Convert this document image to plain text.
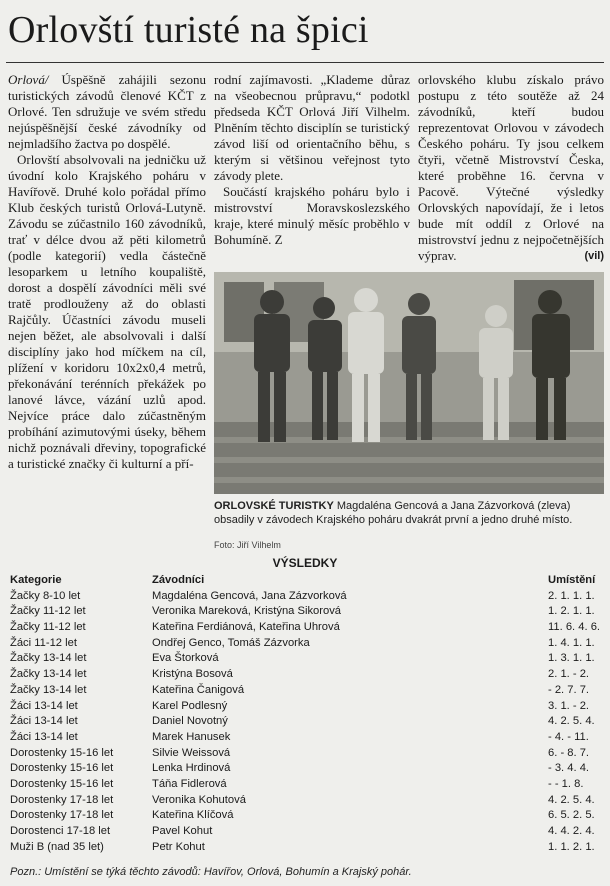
Orlovští turisté na špici

Orlová/ Úspěšně zahájili sezonu turistických závodů členové KČT z Orlové. Ten sdružuje ve svém středu nejúspěšnější české závodníky od nejmladšího žactva po dospělé.

Orlovští absolvovali na jedničku už úvodní kolo Krajského poháru v Havířově. Druhé kolo pořádal přímo Klub českých turistů Orlová-Lutyně. Závodu se zúčastnilo 160 závodníků, trať v délce dvou až pěti kilometrů (podle kategorií) vedla částečně lesoparkem u letního koupaliště, dorost a dospělí závodníci měli své tratě prodlouženy až do oblasti Rajčůly. Účastníci závodu museli nejen běžet, ale absolvovali i další disciplíny jako hod míčkem na cíl, plížení v koridoru 10x2x0,4 metrů, překonávání terénních překážek po lanové lávce, vázání uzlů apod. Nejvíce práce dalo zúčastněným probíhání azimutovými úseky, během nichž poznávali dřeviny, topografické a turistické značky či kulturní a pří-

rodní zajímavosti. „Klademe důraz na všeobecnou průpravu,“ podotkl předseda KČT Orlová Jiří Vilhelm. Plněním těchto disciplín se turistický závod liší od orientačního běhu, s kterým si většinou veřejnost tyto závody plete.

Součástí krajského poháru bylo i mistrovství Moravskoslezského kraje, které minulý měsíc proběhlo v Bohumíně. Z

orlovského klubu získalo právo postupu z této soutěže až 24 závodníků, kteří budou reprezentovat Orlovou v závodech Českého poháru. Ty jsou celkem čtyři, včetně Mistrovství Česka, které proběhne 16. června v Pacově. Výtečné výsledky Orlovských napovídají, že i letos bude mít oddíl z Orlové na mistrovství jednu z nejpočetnějších výprav.	(vil)

ORLOVSKÉ TURISTKY Magdaléna Gencová a Jana Zázvorková (zleva) obsadily v závodech Krajského poháru dvakrát první a jedno druhé místo.
Foto: Jiří Vilhelm
VÝSLEDKY
Kategorie	Závodníci	Umístění
Žačky 8-10 let	Magdaléna Gencová, Jana Zázvorková	2. 1. 1. 1.
Žačky 11-12 let	Veronika Mareková, Kristýna Sikorová	1. 2. 1. 1.
Žačky 11-12 let	Kateřina Ferdiánová, Kateřina Uhrová	11. 6. 4. 6.
Žáci 11-12 let	Ondřej Genco, Tomáš Zázvorka	1. 4. 1. 1.
Žačky 13-14 let	Eva Štorková	1. 3. 1. 1.
Žačky 13-14 let	Kristýna Bosová	2. 1. - 2.
Žačky 13-14 let	Kateřina Čanigová	- 2. 7. 7.
Žáci 13-14 let	Karel Podlesný	3. 1. - 2.
Žáci 13-14 let	Daniel Novotný	4. 2. 5. 4.
Žáci 13-14 let	Marek Hanusek	- 4. - 11.
Dorostenky 15-16 let	Silvie Weissová	6. - 8. 7.
Dorostenky 15-16 let	Lenka Hrdinová	- 3. 4. 4.
Dorostenky 15-16 let	Táňa Fidlerová	- - 1. 8.
Dorostenky 17-18 let	Veronika Kohutová	4. 2. 5. 4.
Dorostenky 17-18 let	Kateřina Klíčová	6. 5. 2. 5.
Dorostenci 17-18 let	Pavel Kohut	4. 4. 2. 4.
Muži B (nad 35 let)	Petr Kohut	1. 1. 2. 1.
Pozn.: Umístění se týká těchto závodů: Havířov, Orlová, Bohumín a Krajský pohár.
